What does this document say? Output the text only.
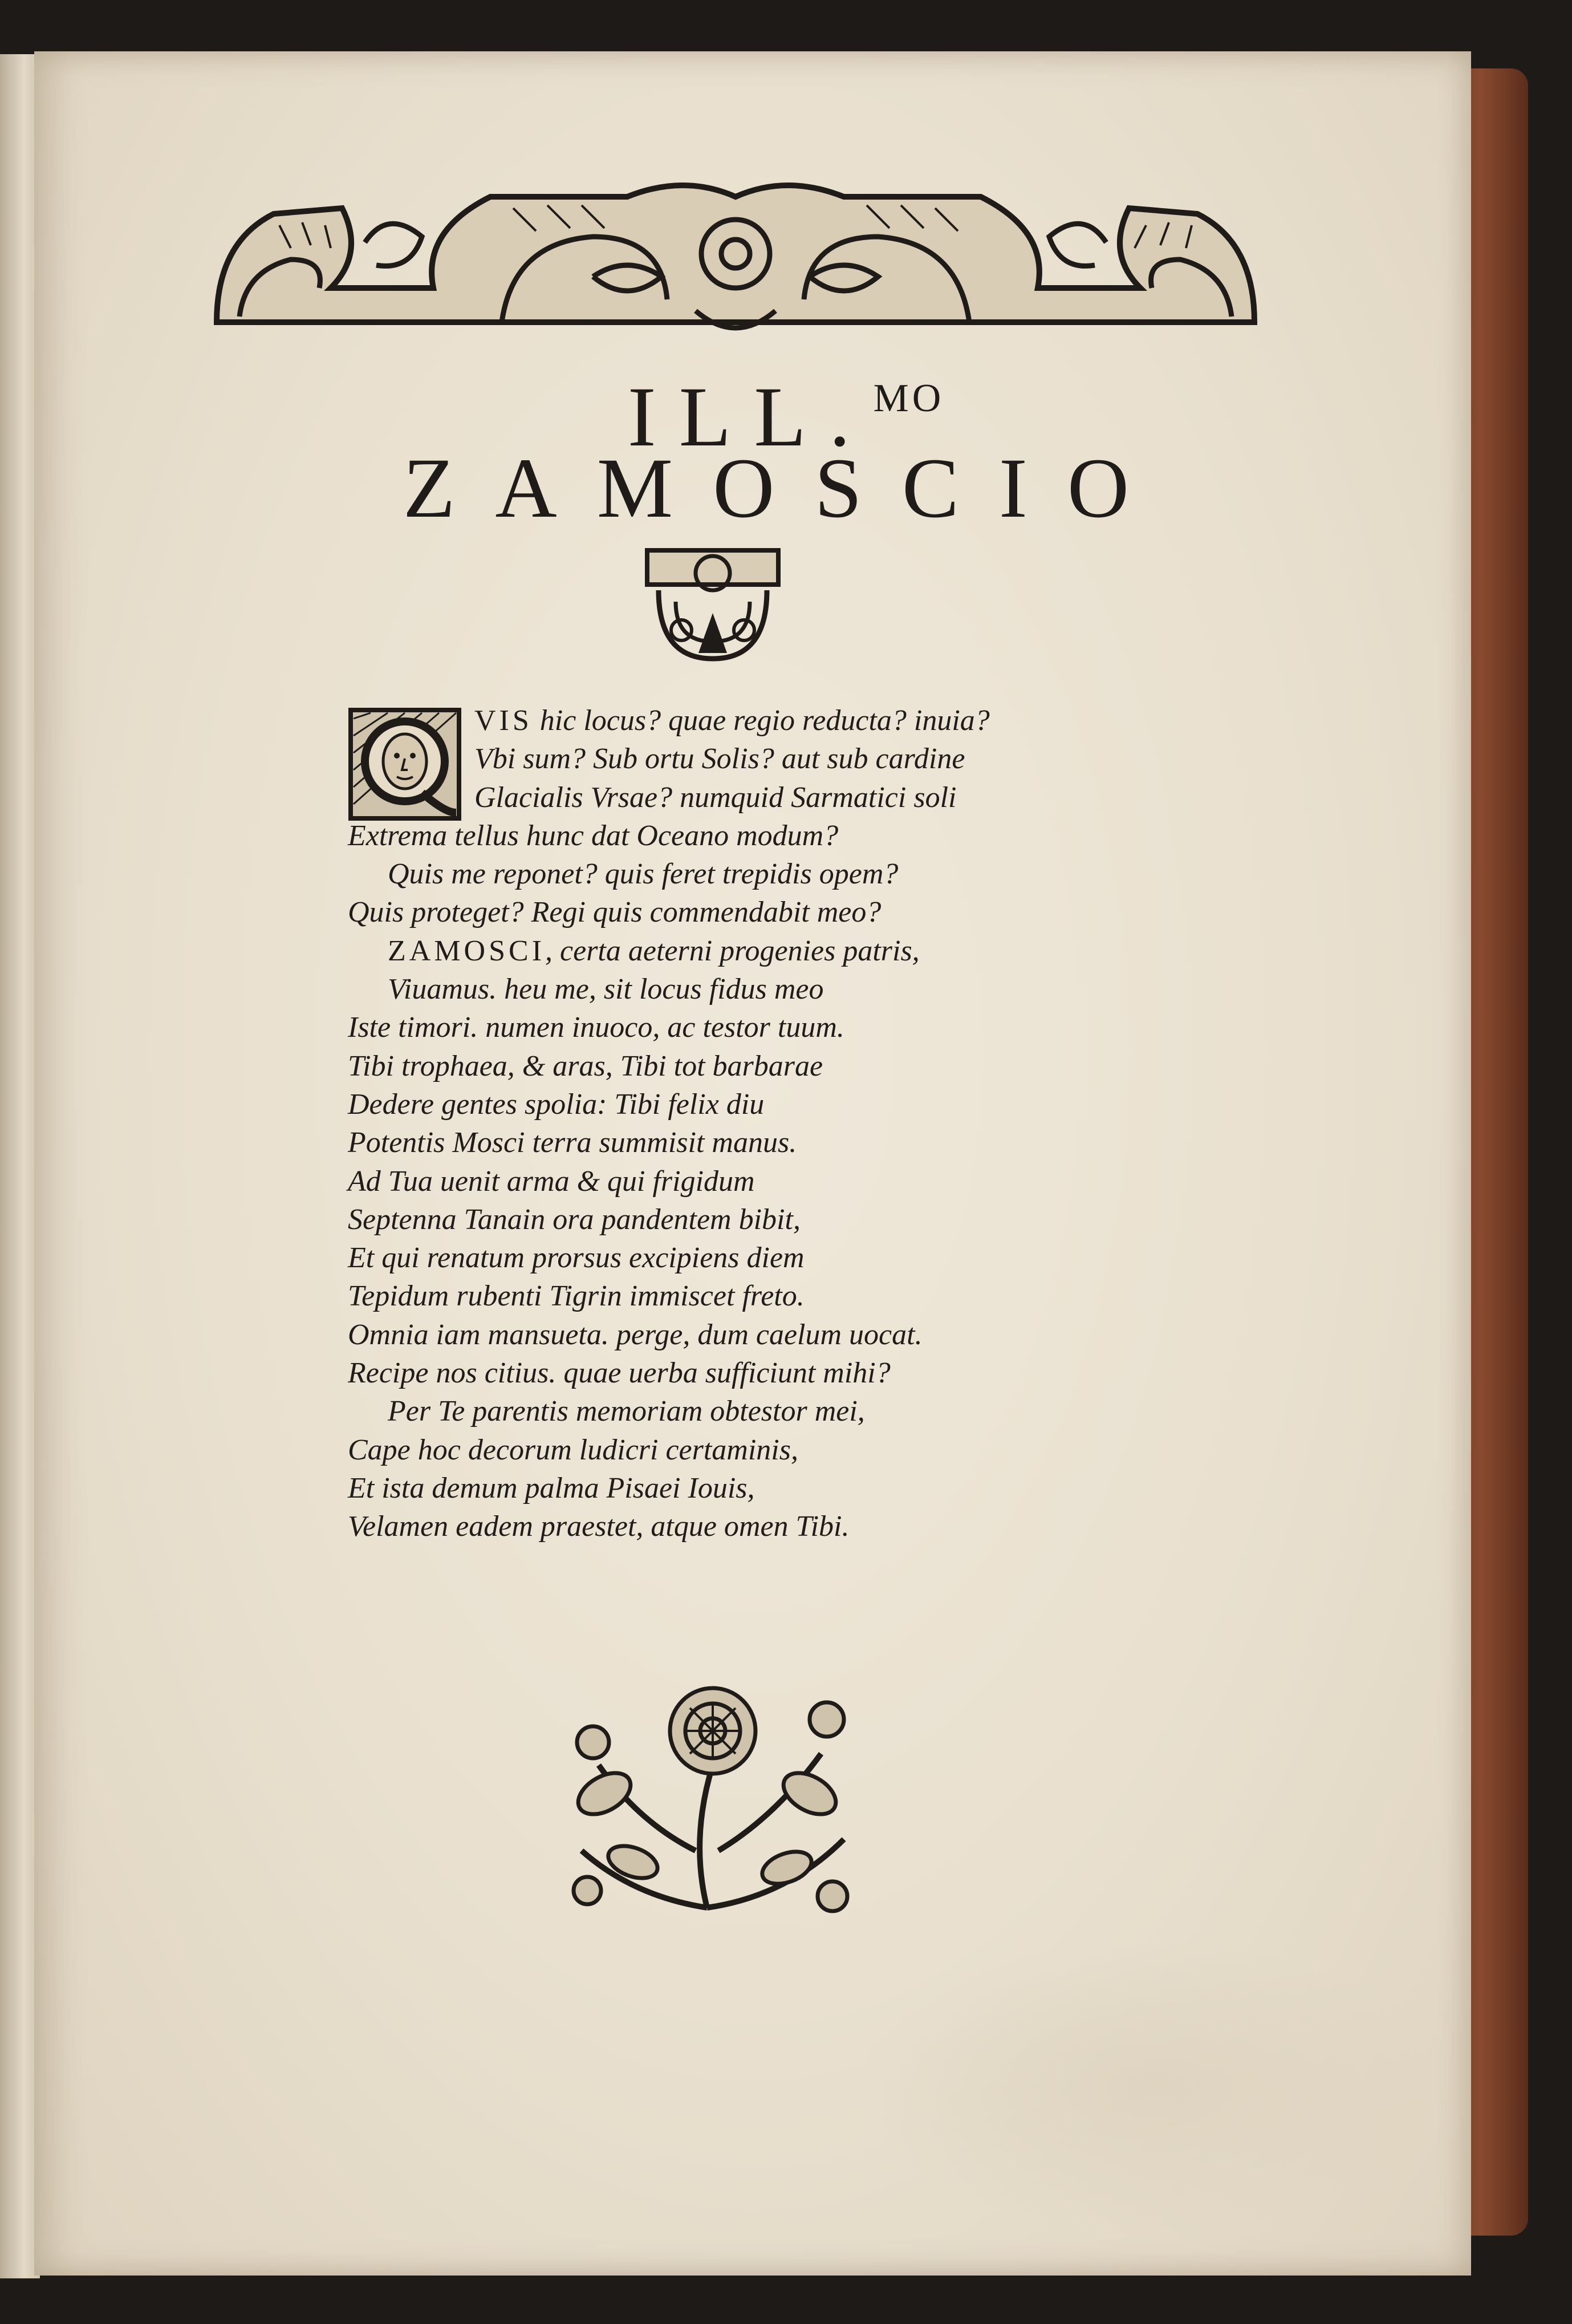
ILL.$^{MO}$
ZAMOSCIO
VIS hic locus? quae regio reducta? inuia?
Vbi sum? Sub ortu Solis? aut sub cardine
Glacialis Vrsae? numquid Sarmatici soli
Extrema tellus hunc dat Oceano modum?
Quis me reponet? quis feret trepidis opem?
Quis proteget? Regi quis commendabit meo?
ZAMOSCI, certa aeterni progenies patris,
Viuamus. heu me, sit locus fidus meo
Iste timori. numen inuoco, ac testor tuum.
Tibi trophaea, & aras, Tibi tot barbarae
Dedere gentes spolia: Tibi felix diu
Potentis Mosci terra summisit manus.
Ad Tua uenit arma & qui frigidum
Septenna Tanain ora pandentem bibit,
Et qui renatum prorsus excipiens diem
Tepidum rubenti Tigrin immiscet freto.
Omnia iam mansueta. perge, dum caelum uocat.
Recipe nos citius. quae uerba sufficiunt mihi?
Per Te parentis memoriam obtestor mei,
Cape hoc decorum ludicri certaminis,
Et ista demum palma Pisaei Iouis,
Velamen eadem praestet, atque omen Tibi.
